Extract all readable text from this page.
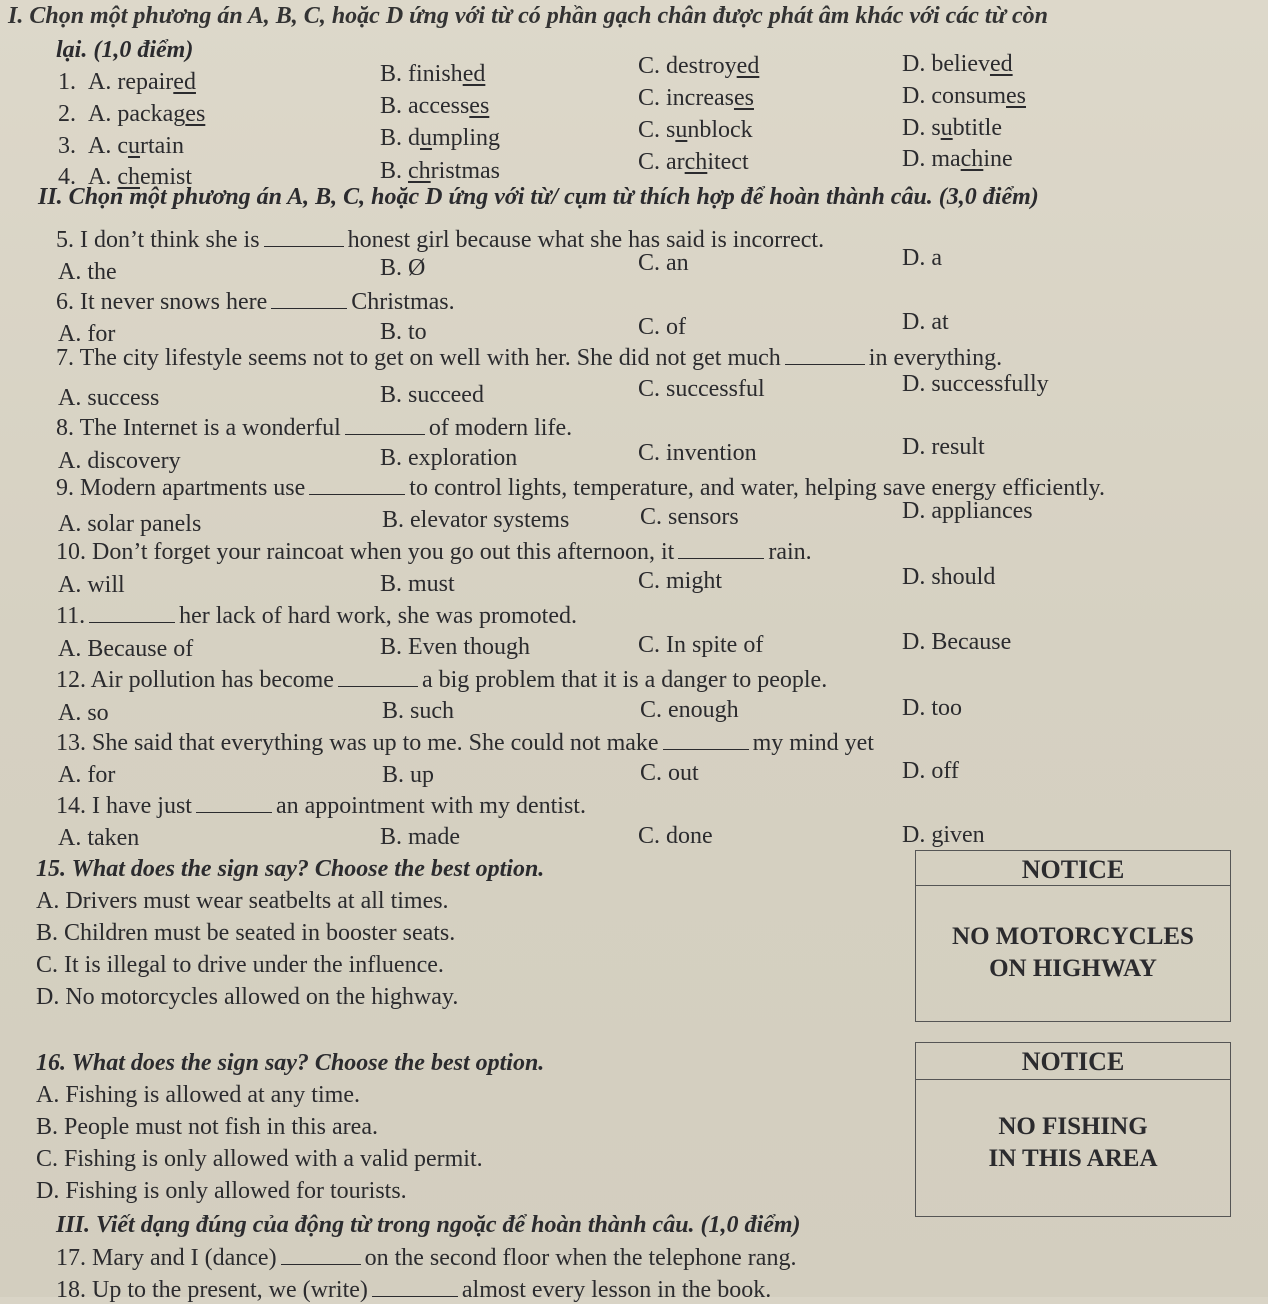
I. Chọn một phương án A, B, C, hoặc D ứng với từ có phần gạch chân được phát âm khác với các từ còn
lại. (1,0 điểm)
1. A. repaired	B. finished	C. destroyed	D. believed
2. A. packages	B. accesses	C. increases	D. consumes
3. A. curtain	B. dumpling	C. sunblock	D. subtitle
4. A. chemist	B. christmas	C. architect	D. machine
II. Chọn một phương án A, B, C, hoặc D ứng với từ/ cụm từ thích hợp để hoàn thành câu. (3,0 điểm)
5. I don’t think she is	honest girl because what she has said is incorrect.
A. the	B. Ø	C. an	D. a
6. It never snows here	Christmas.
A. for	B. to	C. of	D. at
7. The city lifestyle seems not to get on well with her. She did not get much	in everything.
A. success	B. succeed	C. successful	D. successfully
8. The Internet is a wonderful	of modern life.
A. discovery	B. exploration	C. invention	D. result
9. Modern apartments use	to control lights, temperature, and water, helping save energy efficiently.
A. solar panels	B. elevator systems	C. sensors	D. appliances
10. Don’t forget your raincoat when you go out this afternoon, it	rain.
A. will	B. must	C. might	D. should
11.	her lack of hard work, she was promoted.
A. Because of	B. Even though	C. In spite of	D. Because
12. Air pollution has become	a big problem that it is a danger to people.
A. so	B. such	C. enough	D. too
13. She said that everything was up to me. She could not make	my mind yet
A. for	B. up	C. out	D. off
14. I have just	an appointment with my dentist.
A. taken	B. made	C. done	D. given
15. What does the sign say? Choose the best option.
A. Drivers must wear seatbelts at all times.
B. Children must be seated in booster seats.
C. It is illegal to drive under the influence.
D. No motorcycles allowed on the highway.
NOTICE
NO MOTORCYCLES
ON HIGHWAY
16. What does the sign say? Choose the best option.
A. Fishing is allowed at any time.
B. People must not fish in this area.
C. Fishing is only allowed with a valid permit.
D. Fishing is only allowed for tourists.
NOTICE
NO FISHING
IN THIS AREA
III. Viết dạng đúng của động từ trong ngoặc để hoàn thành câu. (1,0 điểm)
17. Mary and I (dance)	on the second floor when the telephone rang.
18. Up to the present, we (write)	almost every lesson in the book.
